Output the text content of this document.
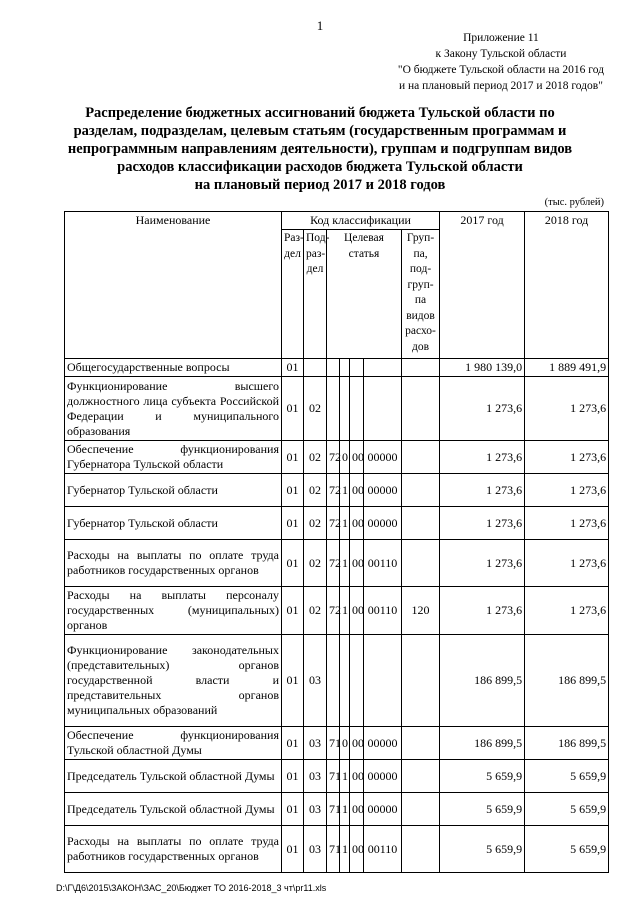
1
Приложение 11
к Закону Тульской области
"О бюджете Тульской области на 2016 год
и на плановый период 2017 и 2018 годов"
Распределение бюджетных ассигнований бюджета Тульской области по
разделам, подразделам, целевым статьям (государственным программам и
непрограммным направлениям деятельности), группам и подгруппам видов
расходов классификации расходов бюджета Тульской области
на плановый период 2017 и 2018 годов
(тыс. рублей)
Наименование	Код классификации							2017 год	2018 год
	Раз-дел	Под-раз-дел	Целевая статья				Груп-па, под-груп-па видов расхо-дов		
Общегосударственные вопросы	01							1 980 139,0	1 889 491,9
Функционирование высшего должностного лица субъекта Российской Федерации и муниципального образования	01	02						1 273,6	1 273,6
Обеспечение функционирования Губернатора Тульской области	01	02	72	0	00	00000		1 273,6	1 273,6
Губернатор Тульской области	01	02	72	1	00	00000		1 273,6	1 273,6
Губернатор Тульской области	01	02	72	1	00	00000		1 273,6	1 273,6
Расходы на выплаты по оплате труда работников государственных органов	01	02	72	1	00	00110		1 273,6	1 273,6
Расходы на выплаты персоналу государственных (муниципальных) органов	01	02	72	1	00	00110	120	1 273,6	1 273,6
Функционирование законодательных (представительных) органов государственной власти и представительных органов муниципальных образований	01	03						186 899,5	186 899,5
Обеспечение функционирования Тульской областной Думы	01	03	71	0	00	00000		186 899,5	186 899,5
Председатель Тульской областной Думы	01	03	71	1	00	00000		5 659,9	5 659,9
Председатель Тульской областной Думы	01	03	71	1	00	00000		5 659,9	5 659,9
Расходы на выплаты по оплате труда работников государственных органов	01	03	71	1	00	00110		5 659,9	5 659,9
D:\Г\Д6\2015\ЗАКОН\ЗАС_20\Бюджет ТО 2016-2018_3 чт\pr11.xls
